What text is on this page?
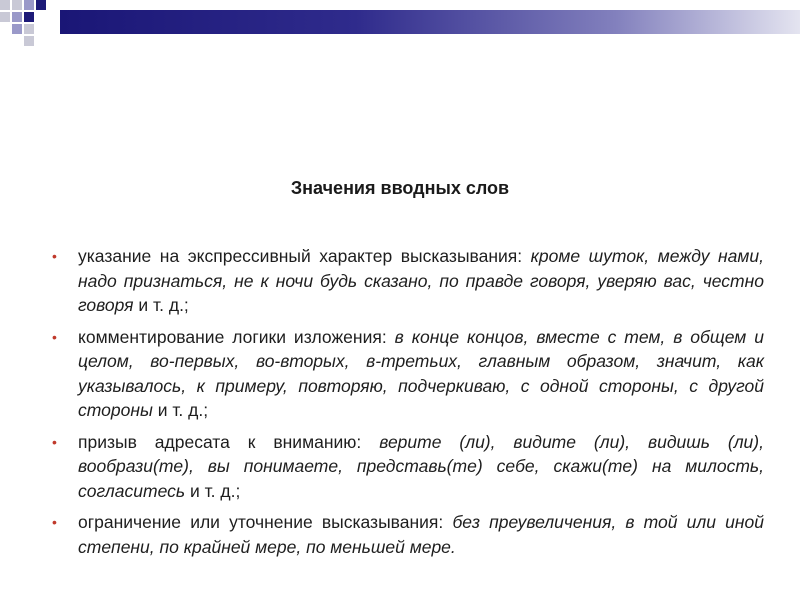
Значения вводных слов
• указание на экспрессивный характер высказывания: кроме шуток, между нами, надо признаться, не к ночи будь сказано, по правде говоря, уверяю вас, честно говоря и т. д.;
• комментирование логики изложения: в конце концов, вместе с тем, в общем и целом, во-первых, во-вторых, в-третьих, главным образом, значит, как указывалось, к примеру, повторяю, подчеркиваю, с одной стороны, с другой стороны и т. д.;
• призыв адресата к вниманию: верите (ли), видите (ли), видишь (ли), вообрази(те), вы понимаете, представь(те) себе, скажи(те) на милость, согласитесь и т. д.;
• ограничение или уточнение высказывания: без преувеличения, в той или иной степени, по крайней мере, по меньшей мере.
